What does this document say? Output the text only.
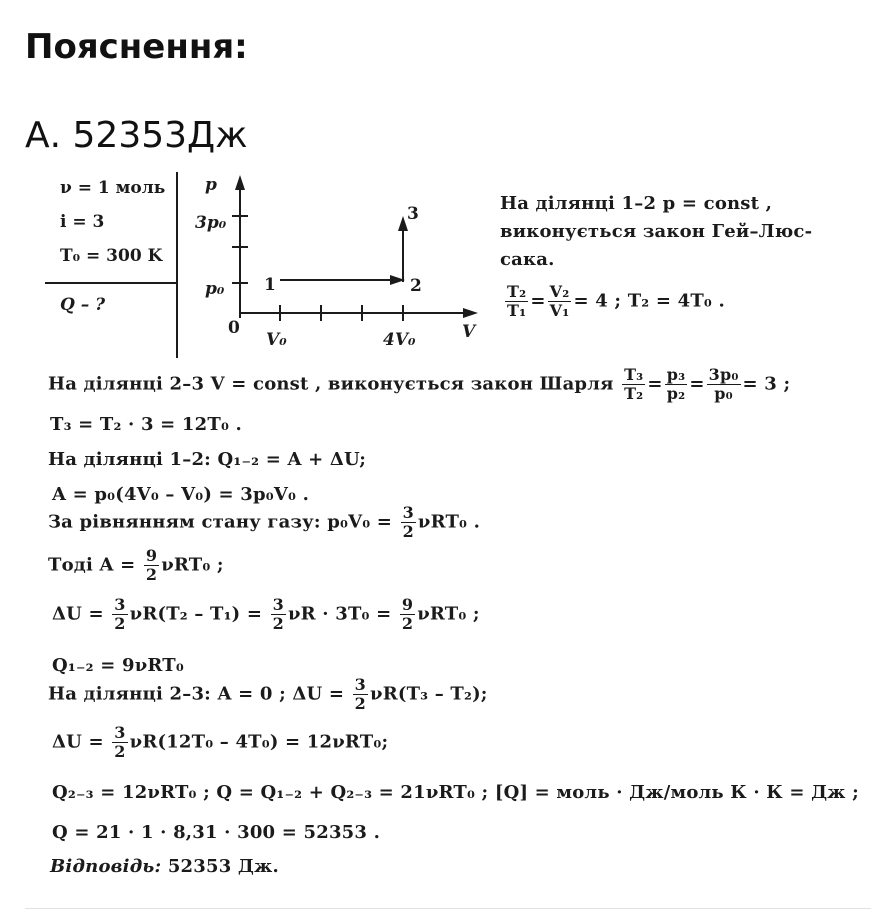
Пояснення:
А. 52353Дж
ν = 1 моль
i = 3
T₀ = 300 K
Q – ?
p
3p₀
p₀
0
V₀	4V₀	V
1	2
3	На ділянці 1–2 p = const ,
виконується закон Гей–Люс-
сака.
$\frac{\text{T₂}}{\text{T₁}} = \frac{\text{V₂}}{\text{V₁}} = 4$ ; T₂ = 4T₀ .
На ділянці 2–3 V = const , виконується закон Шарля $\frac{\text{T₃}}{\text{T₂}} = \frac{\text{p₃}}{\text{p₂}} = \frac{\text{3p₀}}{\text{p₀}} = 3$ ;
T₃ = T₂ · 3 = 12T₀ .
На ділянці 1–2: Q₁₋₂ = A + ΔU;
A = p₀(4V₀ – V₀) = 3p₀V₀ .
За рівнянням стану газу: $p_0V_0 = \frac{3}{2} \nu RT_0$ .
Тоді $A = \frac{9}{2} \nu RT_0$ ;
$\Delta U = \frac{3}{2} \nu R(T_2 - T_1) = \frac{3}{2}$ $\nu R \cdot 3T_0 = \frac{9}{2} \nu RT_0$ ;
Q₁₋₂ = 9νRT₀
На ділянці 2–3: A = 0 ; $\Delta U = \frac{3}{2} \nu R(T_3 - T_2)$;
$\Delta U = \frac{3}{2} \nu R(12T_0 - 4T_0) = 12\nu RT_0$;
Q₂₋₃ = 12νRT₀ ; Q = Q₁₋₂ + Q₂₋₃ = 21νRT₀ ; [Q] = моль · Дж/моль К · К = Дж ;
Q = 21 · 1 · 8,31 · 300 = 52353 .
Відповідь: 52353 Дж.
